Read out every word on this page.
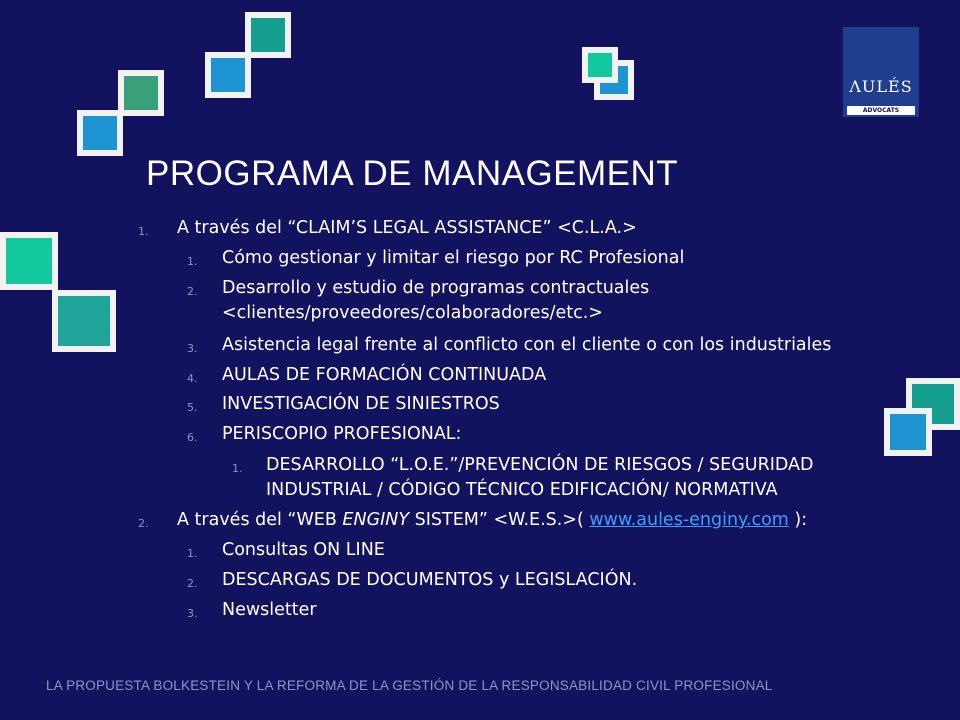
ΛULÉS
ADVOCATS
PROGRAMA DE MANAGEMENT
1. A través del “CLAIM’S LEGAL ASSISTANCE” <C.L.A.>
1. Cómo gestionar y limitar el riesgo por RC Profesional
2. Desarrollo y estudio de programas contractuales
<clientes/proveedores/colaboradores/etc.>
3. Asistencia legal frente al conflicto con el cliente o con los industriales
4. AULAS DE FORMACIÓN CONTINUADA
5. INVESTIGACIÓN DE SINIESTROS
6. PERISCOPIO PROFESIONAL:
1. DESARROLLO “L.O.E.”/PREVENCIÓN DE RIESGOS / SEGURIDAD
INDUSTRIAL / CÓDIGO TÉCNICO EDIFICACIÓN/ NORMATIVA
2. A través del “WEB ENGINY SISTEM” <W.E.S.>( www.aules-enginy.com ):
1. Consultas ON LINE
2. DESCARGAS DE DOCUMENTOS y LEGISLACIÓN.
3. Newsletter
LA PROPUESTA BOLKESTEIN Y LA REFORMA DE LA GESTIÓN DE LA RESPONSABILIDAD CIVIL PROFESIONAL
